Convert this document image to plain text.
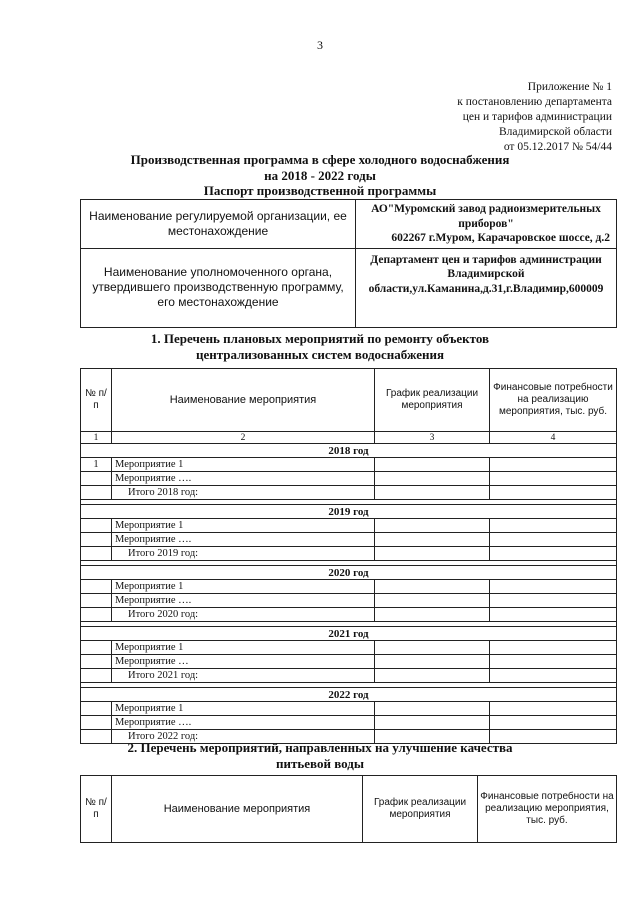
3
Приложение № 1
к постановлению департамента
цен и тарифов администрации
Владимирской области
от 05.12.2017 № 54/44
Производственная программа в сфере холодного водоснабжения
на 2018 - 2022 годы
Паспорт производственной программы
Наименование регулируемой организации, ее местонахождение	АО"Муромский завод радиоизмерительных приборов"
602267 г.Муром, Карачаровское шоссе, д.2

Наименование уполномоченного органа, утвердившего производственную программу, его местонахождение	Департамент цен и тарифов администрации Владимирской
области,ул.Каманина,д.31,г.Владимир,600009
1. Перечень плановых мероприятий по ремонту объектов
централизованных систем водоснабжения
№ п/п	Наименование мероприятия	График реализации мероприятия	Финансовые потребности на реализацию мероприятия, тыс. руб.
1	2	3	4
2018 год			
1	Мероприятие 1		
	Мероприятие ….		
	Итого 2018 год:		

2019 год			
	Мероприятие 1		
	Мероприятие ….		
	Итого 2019 год:		

2020 год			
	Мероприятие 1		
	Мероприятие ….		
	Итого 2020 год:		

2021 год			
	Мероприятие 1		
	Мероприятие …		
	Итого 2021 год:		

2022 год			
	Мероприятие 1		
	Мероприятие ….		
	Итого 2022 год:		
2. Перечень мероприятий, направленных на улучшение качества
питьевой воды
№ п/п	Наименование мероприятия	График реализации мероприятия	Финансовые потребности на реализацию мероприятия, тыс. руб.
